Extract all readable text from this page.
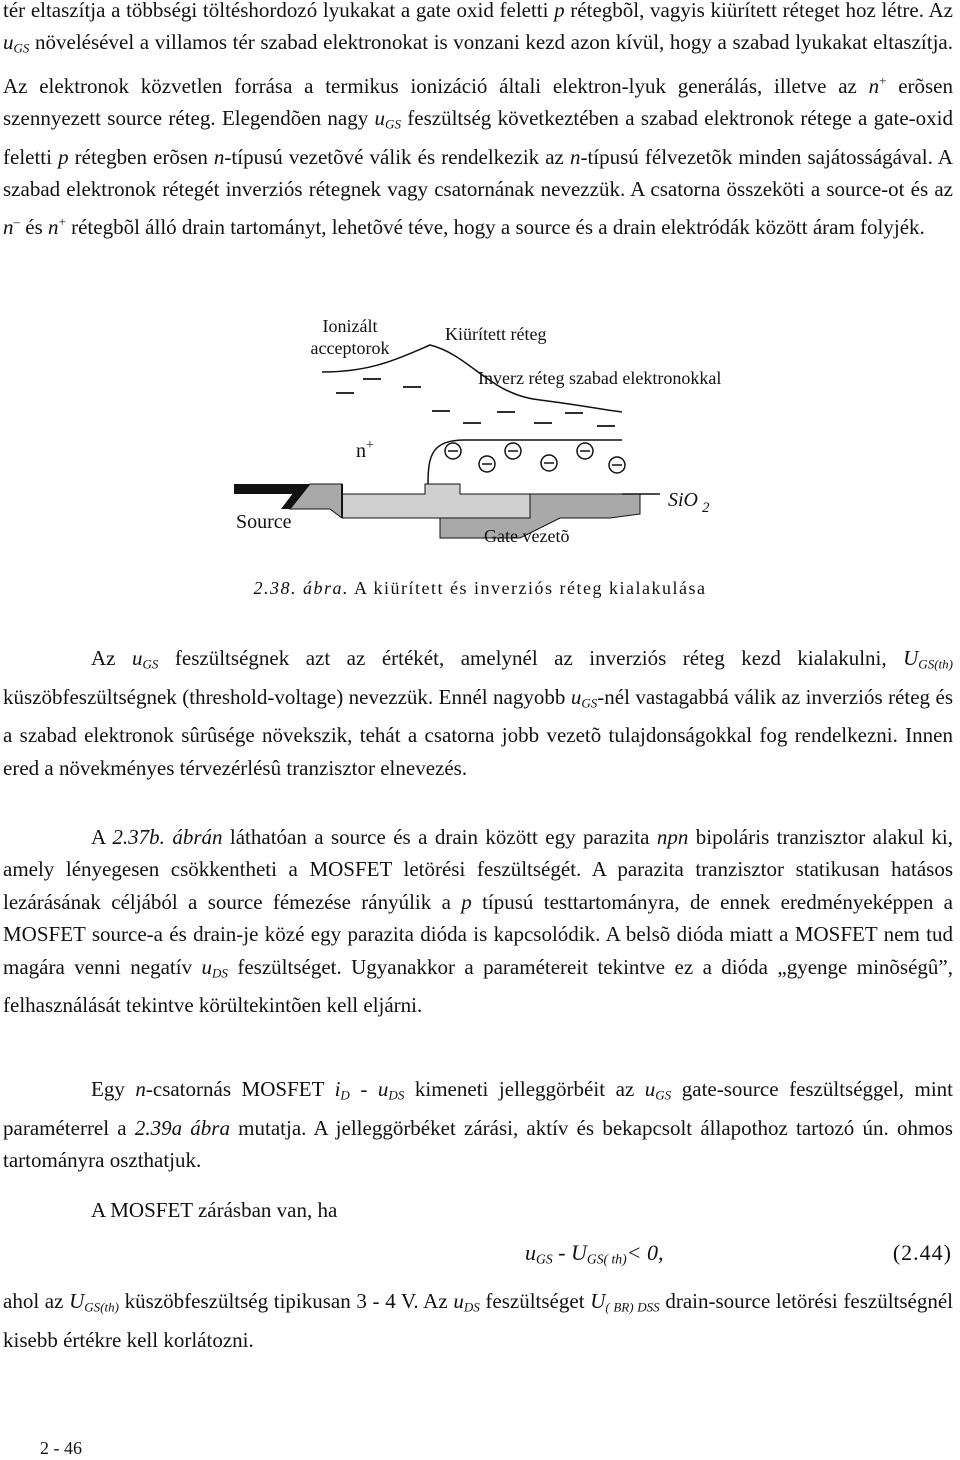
tér eltaszítja a többségi töltéshordozó lyukakat a gate oxid feletti p rétegbõl, vagyis kiürített réteget hoz létre. Az $u_{GS}$ növelésével a villamos tér szabad elektronokat is vonzani kezd azon kívül, hogy a szabad lyukakat eltaszítja. Az elektronok közvetlen forrása a termikus ionizáció általi elektron-lyuk generálás, illetve az n+ erõsen szennyezett source réteg. Elegendõen nagy $u_{GS}$ feszültség következtében a szabad elektronok rétege a gate-oxid feletti p rétegben erõsen n-típusú vezetõvé válik és rendelkezik az n-típusú félvezetõk minden sajátosságával. A szabad elektronok rétegét inverziós rétegnek vagy csatornának nevezzük. A csatorna összeköti a source-ot és az n– és n+ rétegbõl álló drain tartományt, lehetõvé téve, hogy a source és a drain elektródák között áram folyjék.

Ionizált
acceptorok
Kiürített réteg
Inverz réteg szabad elektronokkal
n+
Source
Gate vezetõ
SiO $_2$
2.38. ábra. A kiürített és inverziós réteg kialakulása

Az $u_{GS}$ feszültségnek azt az értékét, amelynél az inverziós réteg kezd kialakulni, $U_{GS(th)}$ küszöbfeszültségnek (threshold-voltage) nevezzük. Ennél nagyobb $u_{GS}$-nél vastagabbá válik az inverziós réteg és a szabad elektronok sûrûsége növekszik, tehát a csatorna jobb vezetõ tulajdonságokkal fog rendelkezni. Innen ered a növekményes térvezérlésû tranzisztor elnevezés.

A 2.37b. ábrán láthatóan a source és a drain között egy parazita npn bipoláris tranzisztor alakul ki, amely lényegesen csökkentheti a MOSFET letörési feszültségét. A parazita tranzisztor statikusan hatásos lezárásának céljából a source fémezése rányúlik a p típusú testtartományra, de ennek eredményeképpen a MOSFET source-a és drain-je közé egy parazita dióda is kapcsolódik. A belsõ dióda miatt a MOSFET nem tud magára venni negatív $u_{DS}$ feszültséget. Ugyanakkor a paramétereit tekintve ez a dióda „gyenge minõségû”, felhasználását tekintve körültekintõen kell eljárni.

Egy n-csatornás MOSFET $i_D - u_{DS}$ kimeneti jelleggörbéit az $u_{GS}$ gate-source feszültséggel, mint paraméterrel a 2.39a ábra mutatja. A jelleggörbéket zárási, aktív és bekapcsolt állapothoz tartozó ún. ohmos tartományra oszthatjuk.

A MOSFET zárásban van, ha

$u_{GS} - U_{GS( th)}< 0$,	(2.44)

ahol az $U_{GS(th)}$ küszöbfeszültség tipikusan 3 - 4 V. Az $u_{DS}$ feszültséget $U_{( BR) DSS}$ drain-source letörési feszültségnél kisebb értékre kell korlátozni.

2 - 46
